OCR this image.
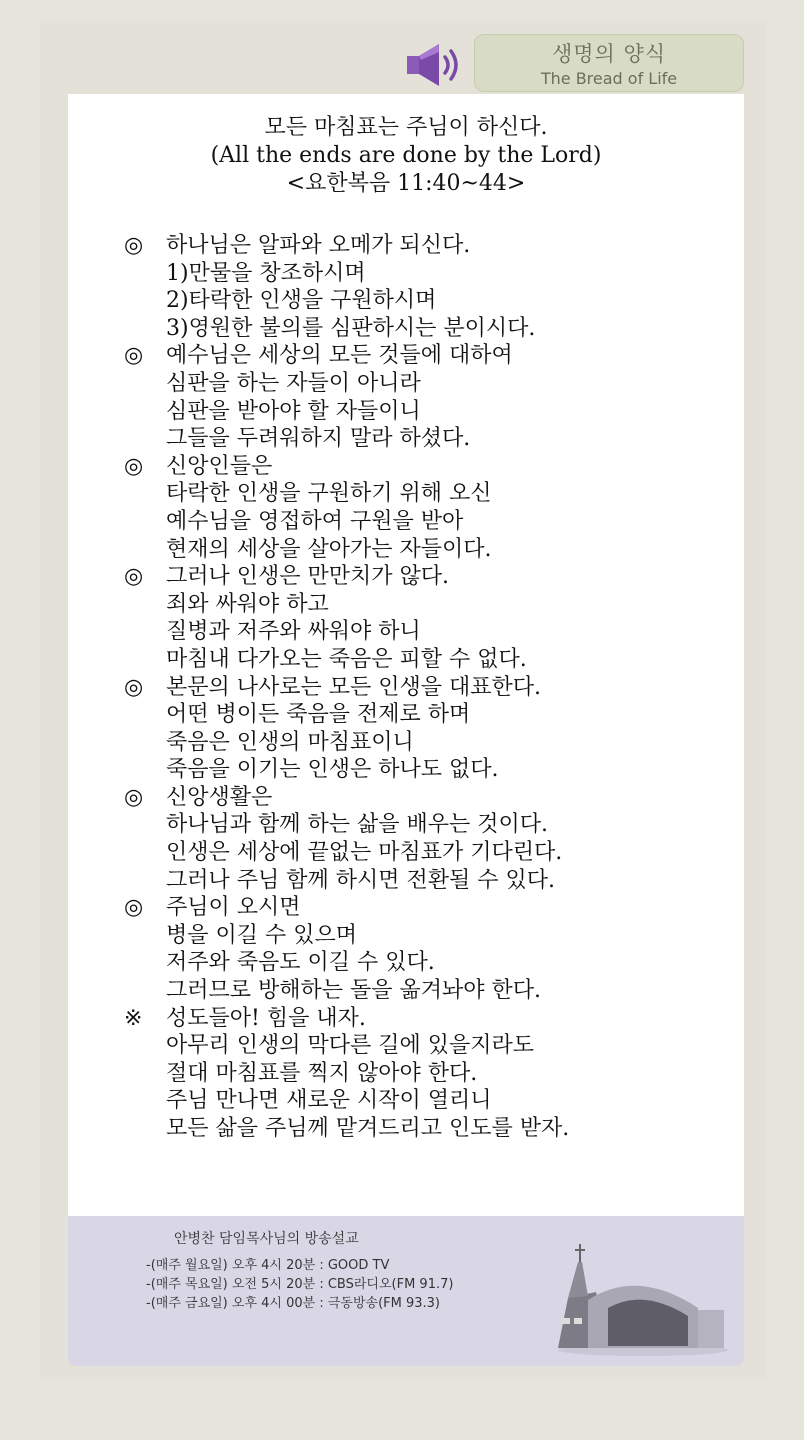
생명의 양식
The Bread of Life
모든 마침표는 주님이 하신다.
(All the ends are done by the Lord)
<요한복음 11:40~44>
◎	하나님은 알파와 오메가 되신다.
1)만물을 창조하시며
2)타락한 인생을 구원하시며
3)영원한 불의를 심판하시는 분이시다.
◎	예수님은 세상의 모든 것들에 대하여
심판을 하는 자들이 아니라
심판을 받아야 할 자들이니
그들을 두려워하지 말라 하셨다.
◎	신앙인들은
타락한 인생을 구원하기 위해 오신
예수님을 영접하여 구원을 받아
현재의 세상을 살아가는 자들이다.
◎	그러나 인생은 만만치가 않다.
죄와 싸워야 하고
질병과 저주와 싸워야 하니
마침내 다가오는 죽음은 피할 수 없다.
◎	본문의 나사로는 모든 인생을 대표한다.
어떤 병이든 죽음을 전제로 하며
죽음은 인생의 마침표이니
죽음을 이기는 인생은 하나도 없다.
◎	신앙생활은
하나님과 함께 하는 삶을 배우는 것이다.
인생은 세상에 끝없는 마침표가 기다린다.
그러나 주님 함께 하시면 전환될 수 있다.
◎	주님이 오시면
병을 이길 수 있으며
저주와 죽음도 이길 수 있다.
그러므로 방해하는 돌을 옮겨놔야 한다.
※	성도들아! 힘을 내자.
아무리 인생의 막다른 길에 있을지라도
절대 마침표를 찍지 않아야 한다.
주님 만나면 새로운 시작이 열리니
모든 삶을 주님께 맡겨드리고 인도를 받자.
안병찬 담임목사님의 방송설교
-(매주 월요일) 오후 4시 20분 : GOOD TV
-(매주 목요일) 오전 5시 20분 : CBS라디오(FM 91.7)
-(매주 금요일) 오후 4시 00분 : 극동방송(FM 93.3)
